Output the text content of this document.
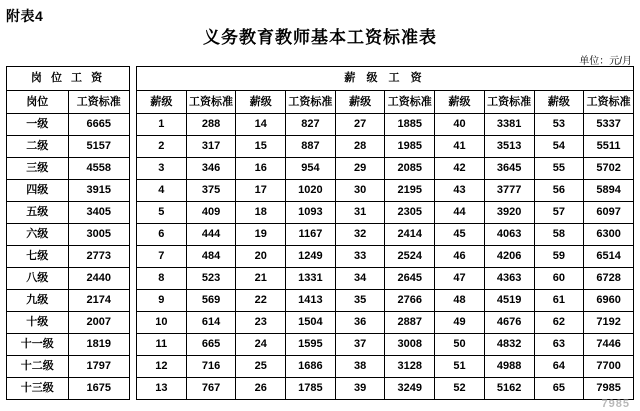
附表4
义务教育教师基本工资标准表
单位：元/月
岗 位 工 资	
岗位	工资标准
一级	6665
二级	5157
三级	4558
四级	3915
五级	3405
六级	3005
七级	2773
八级	2440
九级	2174
十级	2007
十一级	1819
十二级	1797
十三级	1675
薪 级 工 资									
薪级	工资标准	薪级	工资标准	薪级	工资标准	薪级	工资标准	薪级	工资标准
1	288	14	827	27	1885	40	3381	53	5337
2	317	15	887	28	1985	41	3513	54	5511
3	346	16	954	29	2085	42	3645	55	5702
4	375	17	1020	30	2195	43	3777	56	5894
5	409	18	1093	31	2305	44	3920	57	6097
6	444	19	1167	32	2414	45	4063	58	6300
7	484	20	1249	33	2524	46	4206	59	6514
8	523	21	1331	34	2645	47	4363	60	6728
9	569	22	1413	35	2766	48	4519	61	6960
10	614	23	1504	36	2887	49	4676	62	7192
11	665	24	1595	37	3008	50	4832	63	7446
12	716	25	1686	38	3128	51	4988	64	7700
13	767	26	1785	39	3249	52	5162	65	7985
7985
